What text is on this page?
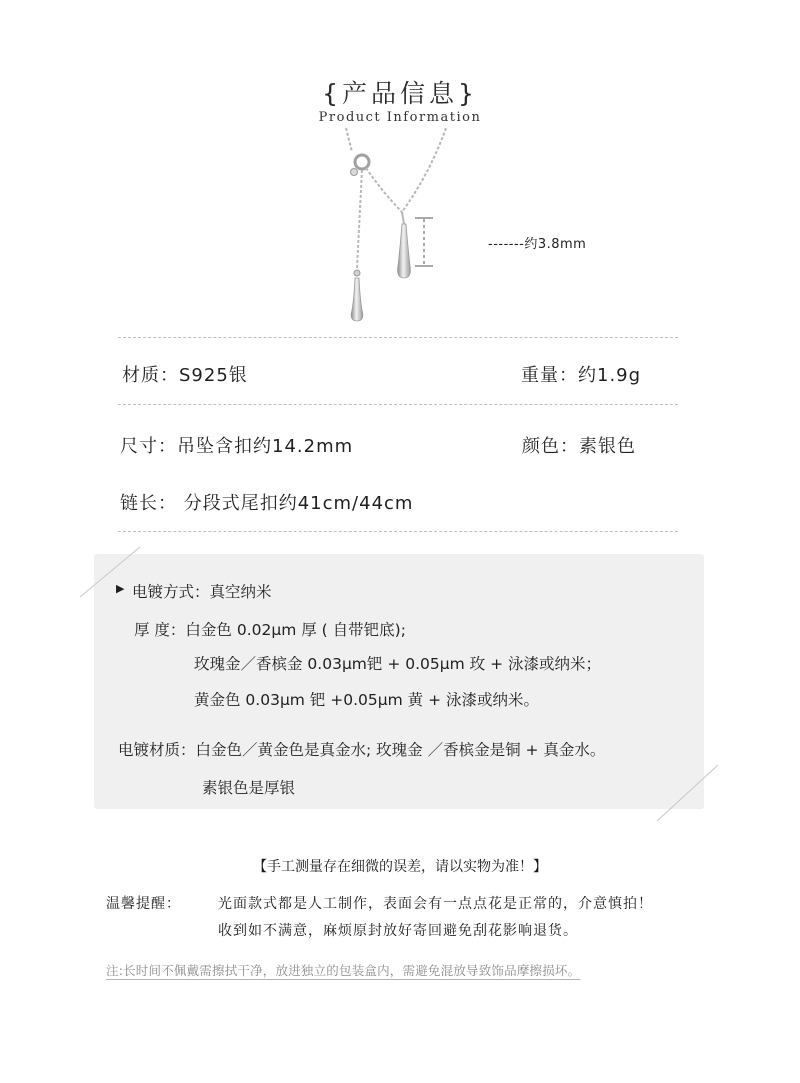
{产品信息}
Product Information
-------约3.8mm
材质：S925银	重量：约1.9g
尺寸：吊坠含扣约14.2mm	颜色：素银色
链长： 分段式尾扣约41cm/44cm
▶ 电镀方式：真空纳米
厚 度：白金色 0.02μm 厚 ( 自带钯底);
玫瑰金／香槟金 0.03μm钯 + 0.05μm 玫 + 泳漆或纳米；
黄金色 0.03μm 钯 +0.05μm 黄 + 泳漆或纳米。
电镀材质：白金色／黄金色是真金水; 玫瑰金 ／香槟金是铜 + 真金水。
素银色是厚银
【手工测量存在细微的误差，请以实物为准！】
温馨提醒：	光面款式都是人工制作，表面会有一点点花是正常的，介意慎拍！
收到如不满意，麻烦原封放好寄回避免刮花影响退货。
注:长时间不佩戴需擦拭干净，放进独立的包装盒内，需避免混放导致饰品摩擦损坏。
